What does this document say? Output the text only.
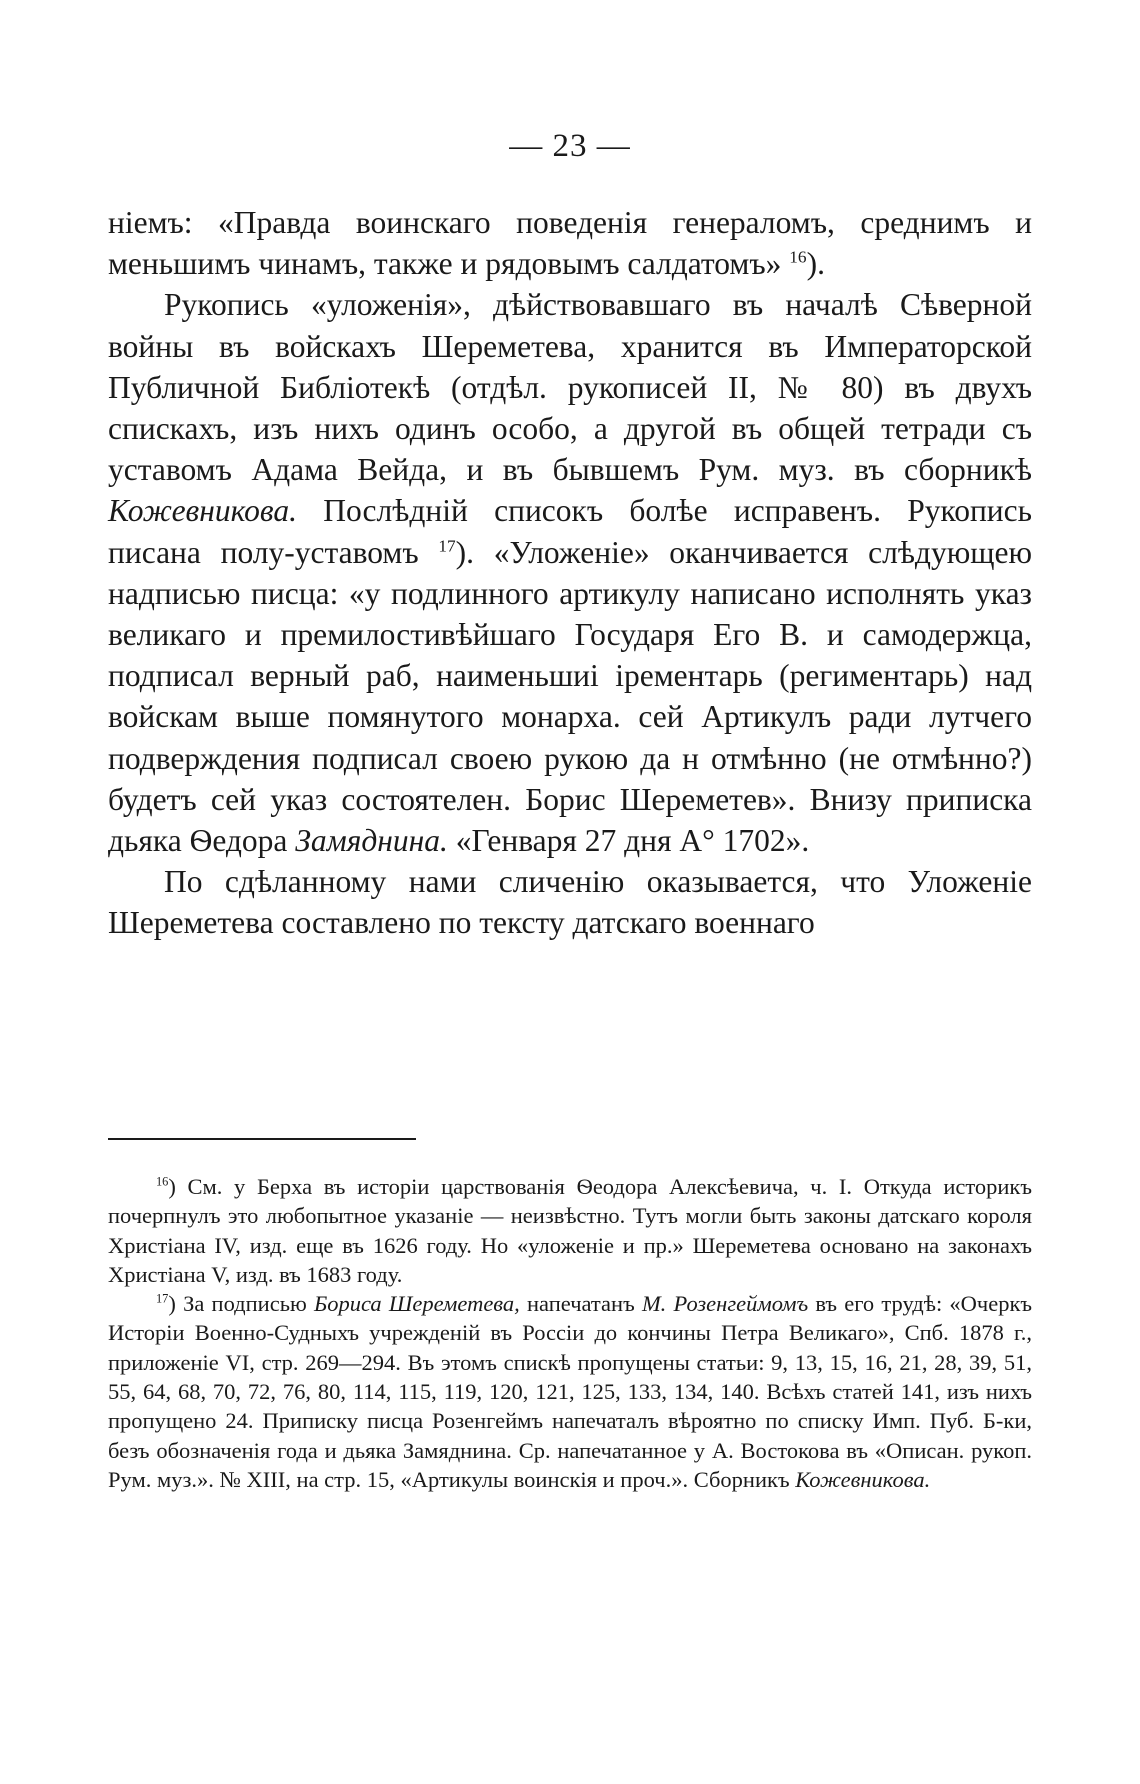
— 23 —

ніемъ: «Правда воинскаго поведенія генераломъ, среднимъ и меньшимъ чинамъ, также и рядовымъ салдатомъ» $^{16}$).

Рукопись «уложенія», дѣйствовавшаго въ началѣ Сѣверной войны въ войскахъ Шереметева, хранится въ Императорской Публичной Библіотекѣ (отдѣл. рукописей II, № 80) въ двухъ спискахъ, изъ нихъ одинъ особо, а другой въ общей тетради съ уставомъ Адама Вейда, и въ бывшемъ Рум. муз. въ сборникѣ Кожевникова. Послѣдній списокъ болѣе исправенъ. Рукопись писана полу-уставомъ $^{17}$). «Уложеніе» оканчивается слѣдующею надписью писца: «у подлинного артикулу написано исполнять указ великаго и премилостивѣйшаго Государя Его В. и самодержца, подписал верный раб, наименьшиі ірементарь (региментарь) над войскам выше помянутого монарха. сей Артикулъ ради лутчего подверждения подписал своею рукою да н отмѣнно (не отмѣнно?) будетъ сей указ состоятелен. Борис Шереметев». Внизу приписка дьяка Ѳедора Замяднина. «Генваря 27 дня А° 1702».

По сдѣланному нами сличенію оказывается, что Уложеніе Шереметева составлено по тексту датскаго военнаго

$^{16}$) См. у Берха въ исторіи царствованія Ѳеодора Алексѣевича, ч. I. Откуда историкъ почерпнулъ это любопытное указаніе — неизвѣстно. Тутъ могли быть законы датскаго короля Христіана IV, изд. еще въ 1626 году. Но «уложеніе и пр.» Шереметева основано на законахъ Христіана V, изд. въ 1683 году.

$^{17}$) За подписью Бориса Шереметева, напечатанъ М. Розенгеймомъ въ его трудѣ: «Очеркъ Исторіи Военно-Судныхъ учрежденій въ Россіи до кончины Петра Великаго», Спб. 1878 г., приложеніе VI, стр. 269—294. Въ этомъ спискѣ пропущены статьи: 9, 13, 15, 16, 21, 28, 39, 51, 55, 64, 68, 70, 72, 76, 80, 114, 115, 119, 120, 121, 125, 133, 134, 140. Всѣхъ статей 141, изъ нихъ пропущено 24. Приписку писца Розенгеймъ напечаталъ вѣроятно по списку Имп. Пуб. Б-ки, безъ обозначенія года и дьяка Замяднина. Ср. напечатанное у А. Востокова въ «Описан. рукоп. Рум. муз.». № XIII, на стр. 15, «Артикулы воинскія и проч.». Сборникъ Кожевникова.
